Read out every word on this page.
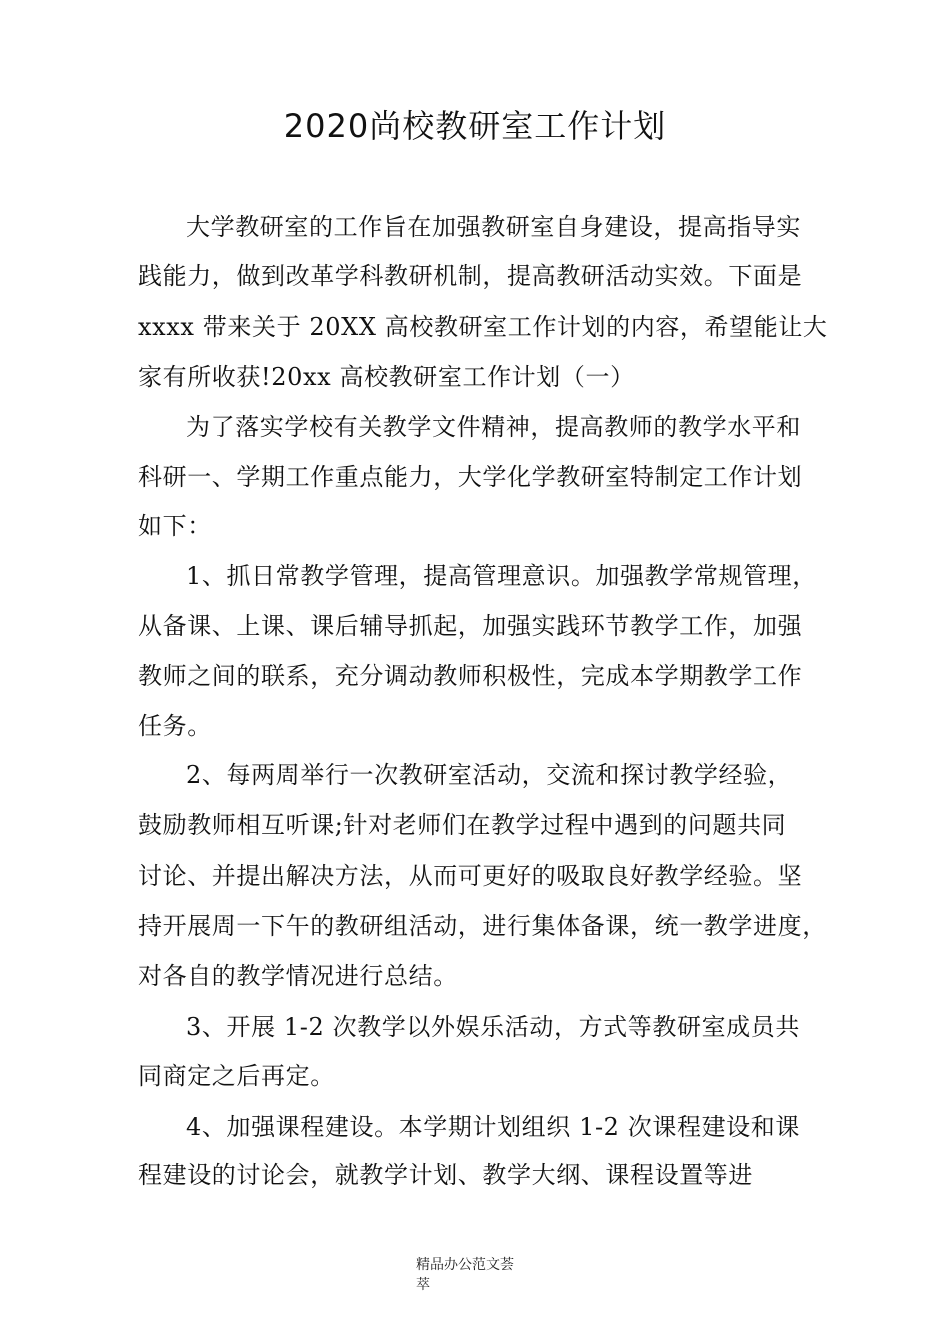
2020尚校教研室工作计划
大学教研室的工作旨在加强教研室自身建设，提高指导实
践能力，做到改革学科教研机制，提高教研活动实效。下面是
xxxx 带来关于 20XX 高校教研室工作计划的内容，希望能让大
家有所收获!20xx 高校教研室工作计划（一）
为了落实学校有关教学文件精神，提高教师的教学水平和
科研一、学期工作重点能力，大学化学教研室特制定工作计划
如下：
1、抓日常教学管理，提高管理意识。加强教学常规管理，
从备课、上课、课后辅导抓起，加强实践环节教学工作，加强
教师之间的联系，充分调动教师积极性，完成本学期教学工作
任务。
2、每两周举行一次教研室活动，交流和探讨教学经验，
鼓励教师相互听课;针对老师们在教学过程中遇到的问题共同
讨论、并提出解决方法，从而可更好的吸取良好教学经验。坚
持开展周一下午的教研组活动，进行集体备课，统一教学进度，
对各自的教学情况进行总结。
3、开展 1-2 次教学以外娱乐活动，方式等教研室成员共
同商定之后再定。
4、加强课程建设。本学期计划组织 1-2 次课程建设和课
程建设的讨论会，就教学计划、教学大纲、课程设置等进
精品办公范文荟
萃
